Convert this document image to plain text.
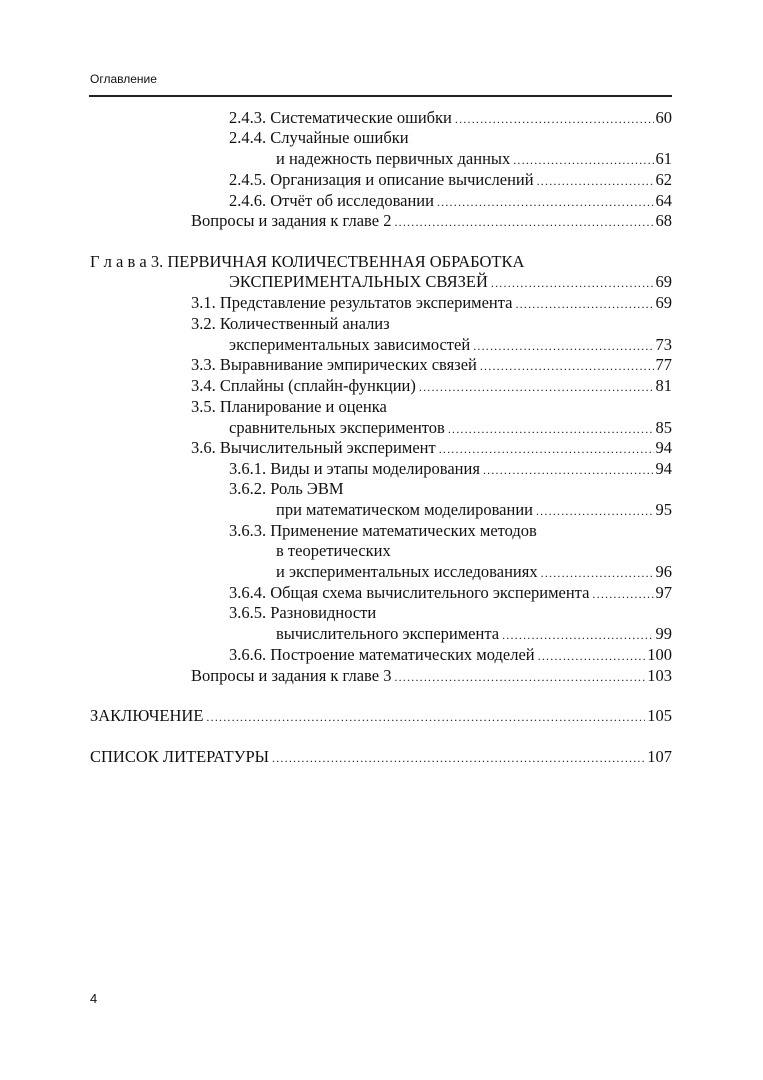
Оглавление
2.4.3. Систематические ошибки .....	60
2.4.4. Случайные ошибки
и надежность первичных данных .....	61
2.4.5. Организация и описание вычислений .....	62
2.4.6. Отчёт об исследовании .....	64
Вопросы и задания к главе 2 .....	68
Г л а в а 3. ПЕРВИЧНАЯ КОЛИЧЕСТВЕННАЯ ОБРАБОТКА
ЭКСПЕРИМЕНТАЛЬНЫХ СВЯЗЕЙ .....	69
3.1. Представление результатов эксперимента .....	69
3.2. Количественный анализ
экспериментальных зависимостей .....	73
3.3. Выравнивание эмпирических связей .....	77
3.4. Сплайны (сплайн-функции) .....	81
3.5. Планирование и оценка
сравнительных экспериментов .....	85
3.6. Вычислительный эксперимент .....	94
3.6.1. Виды и этапы моделирования .....	94
3.6.2. Роль ЭВМ
при математическом моделировании .....	95
3.6.3. Применение математических методов
в теоретических
и экспериментальных исследованиях .....	96
3.6.4. Общая схема вычислительного эксперимента .....	97
3.6.5. Разновидности
вычислительного эксперимента .....	99
3.6.6. Построение математических моделей .....	100
Вопросы и задания к главе 3 .....	103
ЗАКЛЮЧЕНИЕ .....	105
СПИСОК ЛИТЕРАТУРЫ .....	107
4
